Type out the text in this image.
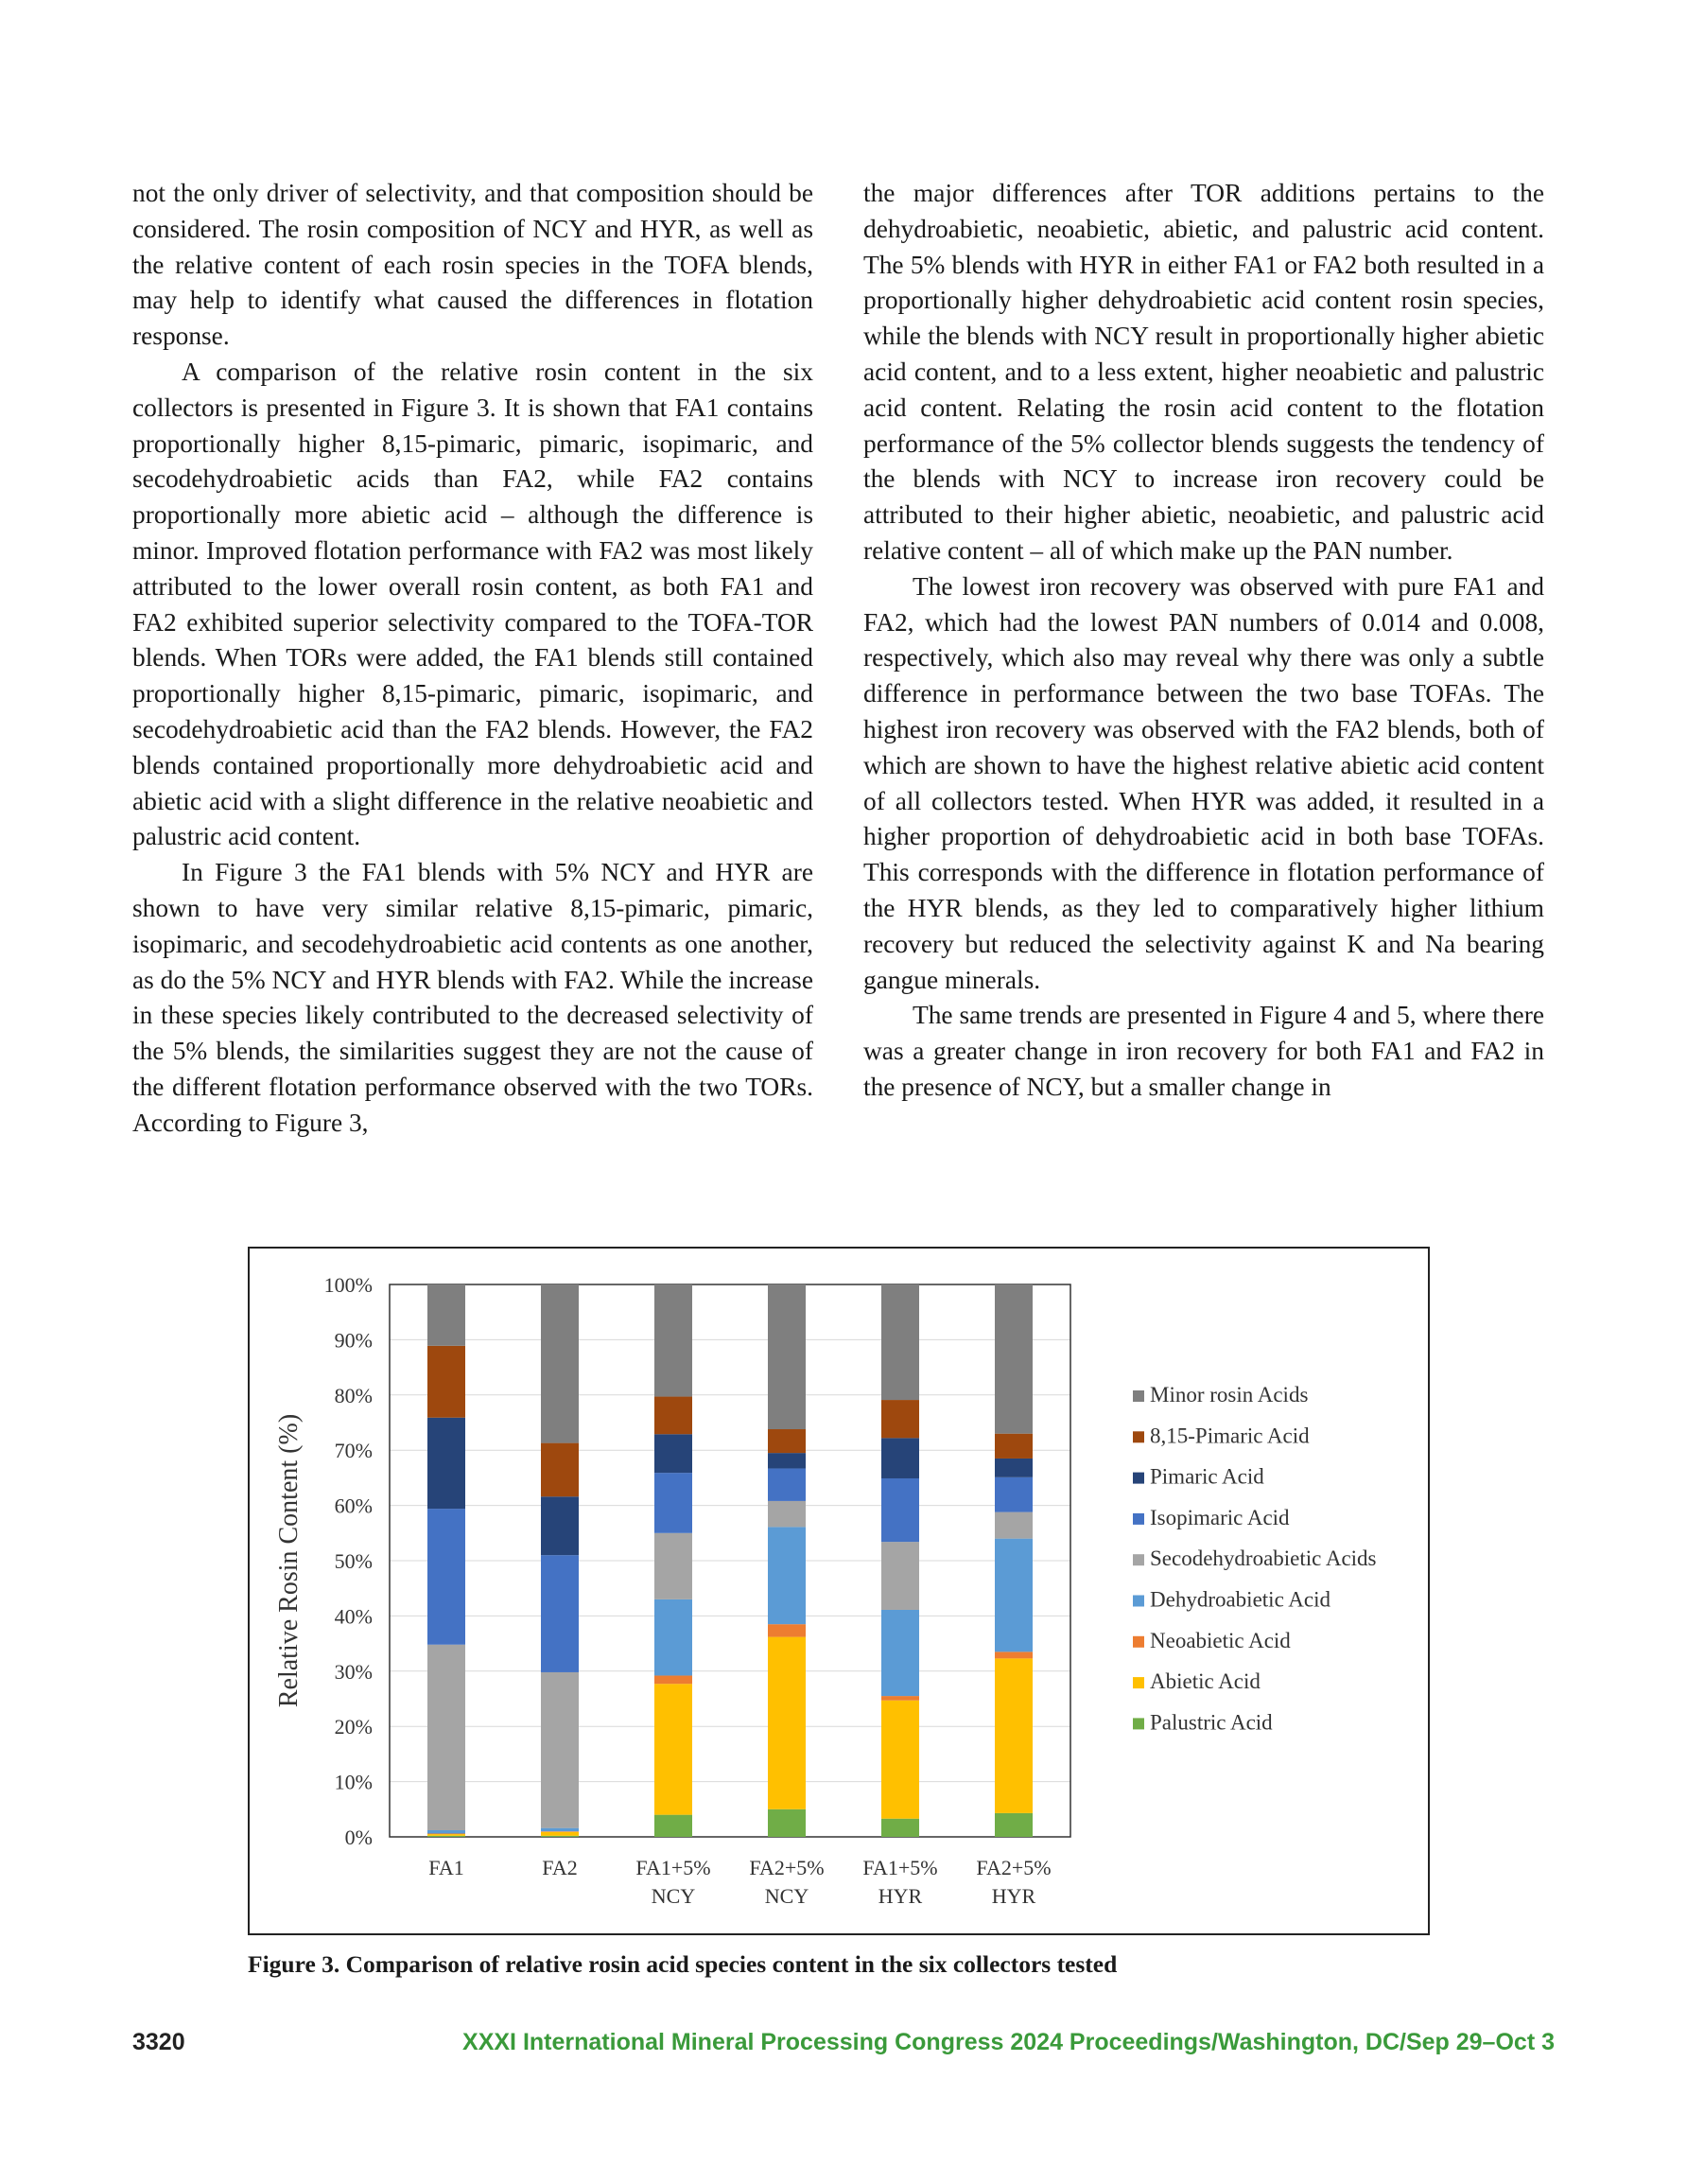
not the only driver of selectivity, and that composition should be considered. The rosin composition of NCY and HYR, as well as the relative content of each rosin species in the TOFA blends, may help to identify what caused the differences in flotation response.

A comparison of the relative rosin content in the six collectors is presented in Figure 3. It is shown that FA1 contains proportionally higher 8,15-pimaric, pimaric, isopimaric, and secodehydroabietic acids than FA2, while FA2 contains proportionally more abietic acid – although the difference is minor. Improved flotation performance with FA2 was most likely attributed to the lower overall rosin content, as both FA1 and FA2 exhibited superior selectivity compared to the TOFA-TOR blends. When TORs were added, the FA1 blends still contained proportionally higher 8,15-pimaric, pimaric, isopimaric, and secodehydroabietic acid than the FA2 blends. However, the FA2 blends contained proportionally more dehydroabietic acid and abietic acid with a slight difference in the relative neoabietic and palustric acid content.

In Figure 3 the FA1 blends with 5% NCY and HYR are shown to have very similar relative 8,15-pimaric, pimaric, isopimaric, and secodehydroabietic acid contents as one another, as do the 5% NCY and HYR blends with FA2. While the increase in these species likely contributed to the decreased selectivity of the 5% blends, the similarities suggest they are not the cause of the different flotation performance observed with the two TORs. According to Figure 3,

the major differences after TOR additions pertains to the dehydroabietic, neoabietic, abietic, and palustric acid content. The 5% blends with HYR in either FA1 or FA2 both resulted in a proportionally higher dehydroabietic acid content rosin species, while the blends with NCY result in proportionally higher abietic acid content, and to a less extent, higher neoabietic and palustric acid content. Relating the rosin acid content to the flotation performance of the 5% collector blends suggests the tendency of the blends with NCY to increase iron recovery could be attributed to their higher abietic, neoabietic, and palustric acid relative content – all of which make up the PAN number.

The lowest iron recovery was observed with pure FA1 and FA2, which had the lowest PAN numbers of 0.014 and 0.008, respectively, which also may reveal why there was only a subtle difference in performance between the two base TOFAs. The highest iron recovery was observed with the FA2 blends, both of which are shown to have the highest relative abietic acid content of all collectors tested. When HYR was added, it resulted in a higher proportion of dehydroabietic acid in both base TOFAs. This corresponds with the difference in flotation performance of the HYR blends, as they led to comparatively higher lithium recovery but reduced the selectivity against K and Na bearing gangue minerals.

The same trends are presented in Figure 4 and 5, where there was a greater change in iron recovery for both FA1 and FA2 in the presence of NCY, but a smaller change in

0%
10%
20%
30%
40%
50%
60%
70%
80%
90%
100%
FA1	FA2	FA1+5%
NCY
FA2+5%
NCY
FA1+5%
HYR
FA2+5%
HYR
Relative Rosin Content (%)
Minor rosin Acids
8,15-Pimaric Acid
Pimaric Acid
Isopimaric Acid
Secodehydroabietic Acids
Dehydroabietic Acid
Neoabietic Acid
Abietic Acid
Palustric Acid
Figure 3. Comparison of relative rosin acid species content in the six collectors tested
3320	XXXI International Mineral Processing Congress 2024 Proceedings/Washington, DC/Sep 29–Oct 3
